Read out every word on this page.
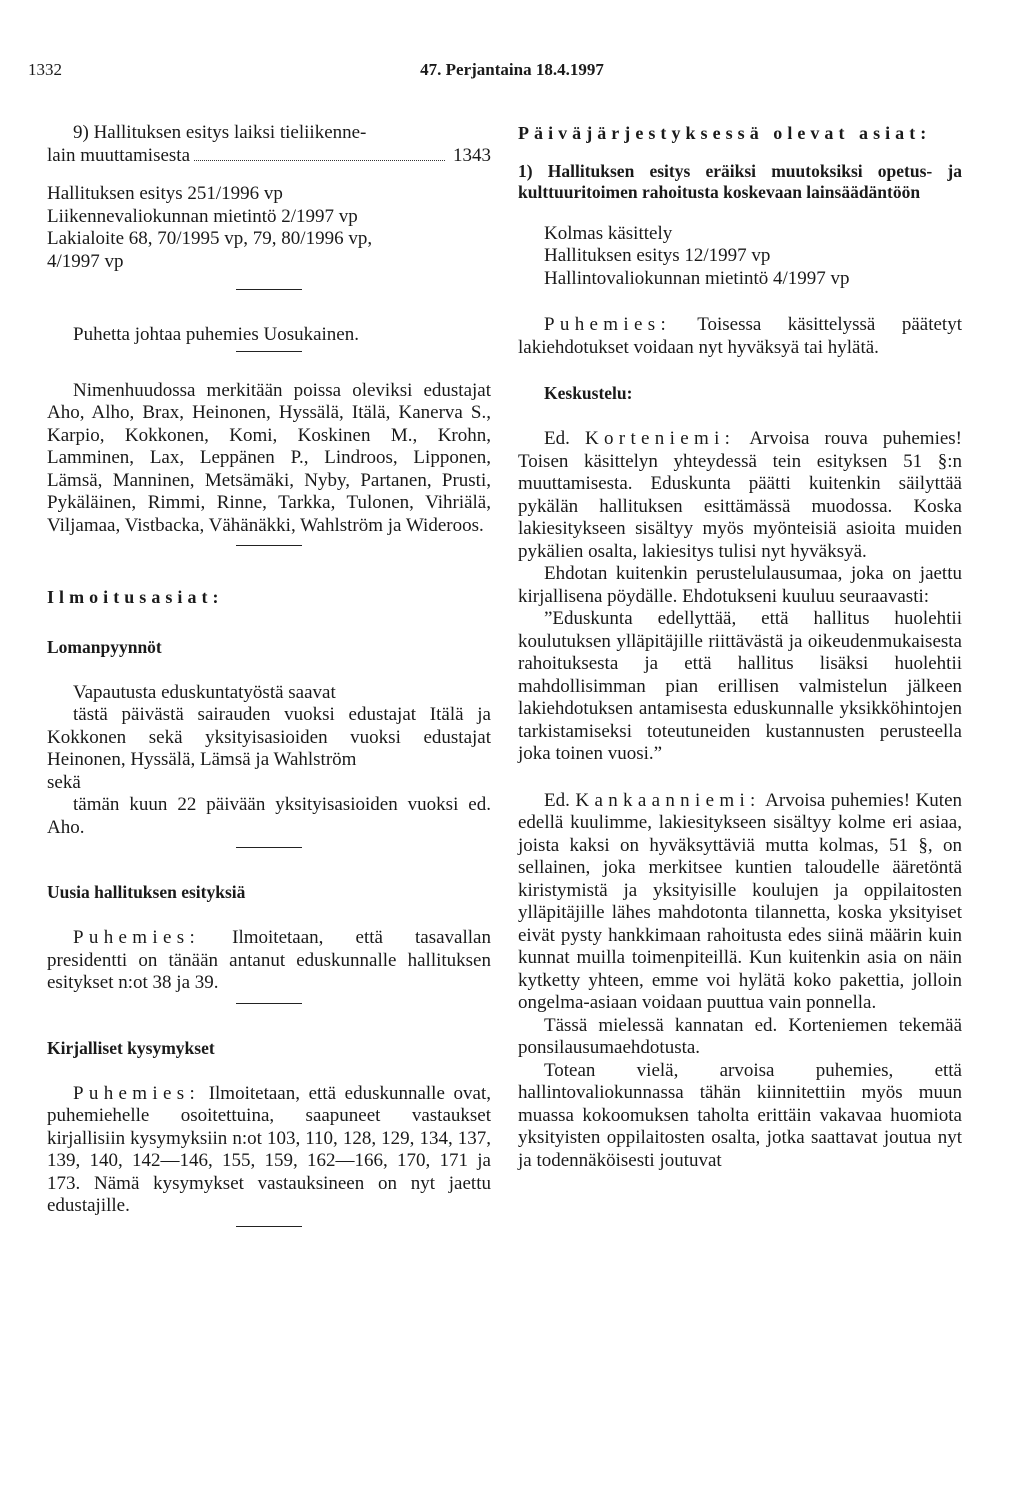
1332	47. Perjantaina 18.4.1997

9) Hallituksen esitys laiksi tieliikenne-

lain muuttamisesta	1343

Hallituksen esitys 251/1996 vp

Liikennevaliokunnan mietintö 2/1997 vp

Lakialoite 68, 70/1995 vp, 79, 80/1996 vp,

4/1997 vp

Puhetta johtaa puhemies Uosukainen.

Nimenhuudossa merkitään poissa oleviksi edustajat Aho, Alho, Brax, Heinonen, Hyssälä, Itälä, Kanerva S., Karpio, Kokkonen, Komi, Koskinen M., Krohn, Lamminen, Lax, Leppänen P., Lindroos, Lipponen, Lämsä, Manninen, Metsämäki, Nyby, Partanen, Prusti, Pykäläinen, Rimmi, Rinne, Tarkka, Tulonen, Vihriälä, Viljamaa, Vistbacka, Vähänäkki, Wahlström ja Wideroos.

Ilmoitusasiat:

Lomanpyynnöt

Vapautusta eduskuntatyöstä saavat

tästä päivästä sairauden vuoksi edustajat Itälä ja Kokkonen sekä yksityisasioiden vuoksi edustajat Heinonen, Hyssälä, Lämsä ja Wahlström

sekä

tämän kuun 22 päivään yksityisasioiden vuoksi ed. Aho.

Uusia hallituksen esityksiä

Puhemies: Ilmoitetaan, että tasavallan presidentti on tänään antanut eduskunnalle hallituksen esitykset n:ot 38 ja 39.

Kirjalliset kysymykset

Puhemies: Ilmoitetaan, että eduskunnalle ovat, puhemiehelle osoitettuina, saapuneet vastaukset kirjallisiin kysymyksiin n:ot 103, 110, 128, 129, 134, 137, 139, 140, 142—146, 155, 159, 162—166, 170, 171 ja 173. Nämä kysymykset vastauksineen on nyt jaettu edustajille.

Päiväjärjestyksessä olevat asiat:

1) Hallituksen esitys eräiksi muutoksiksi opetus- ja kulttuuritoimen rahoitusta koskevaan lainsäädäntöön

Kolmas käsittely

Hallituksen esitys 12/1997 vp

Hallintovaliokunnan mietintö 4/1997 vp

Puhemies: Toisessa käsittelyssä päätetyt lakiehdotukset voidaan nyt hyväksyä tai hylätä.

Keskustelu:

Ed. Korteniemi: Arvoisa rouva puhemies! Toisen käsittelyn yhteydessä tein esityksen 51 §:n muuttamisesta. Eduskunta päätti kuitenkin säilyttää pykälän hallituksen esittämässä muodossa. Koska lakiesitykseen sisältyy myös myönteisiä asioita muiden pykälien osalta, lakiesitys tulisi nyt hyväksyä.

Ehdotan kuitenkin perustelulausumaa, joka on jaettu kirjallisena pöydälle. Ehdotukseni kuuluu seuraavasti:

”Eduskunta edellyttää, että hallitus huolehtii koulutuksen ylläpitäjille riittävästä ja oikeudenmukaisesta rahoituksesta ja että hallitus lisäksi huolehtii mahdollisimman pian erillisen valmistelun jälkeen lakiehdotuksen antamisesta eduskunnalle yksikköhintojen tarkistamiseksi toteutuneiden kustannusten perusteella joka toinen vuosi.”

Ed. Kankaanniemi: Arvoisa puhemies! Kuten edellä kuulimme, lakiesitykseen sisältyy kolme eri asiaa, joista kaksi on hyväksyttäviä mutta kolmas, 51 §, on sellainen, joka merkitsee kuntien taloudelle ääretöntä kiristymistä ja yksityisille koulujen ja oppilaitosten ylläpitäjille lähes mahdotonta tilannetta, koska yksityiset eivät pysty hankkimaan rahoitusta edes siinä määrin kuin kunnat muilla toimenpiteillä. Kun kuitenkin asia on näin kytketty yhteen, emme voi hylätä koko pakettia, jolloin ongelma-asiaan voidaan puuttua vain ponnella.

Tässä mielessä kannatan ed. Korteniemen tekemää ponsilausumaehdotusta.

Totean vielä, arvoisa puhemies, että hallintovaliokunnassa tähän kiinnitettiin myös muun muassa kokoomuksen taholta erittäin vakavaa huomiota yksityisten oppilaitosten osalta, jotka saattavat joutua nyt ja todennäköisesti joutuvat
